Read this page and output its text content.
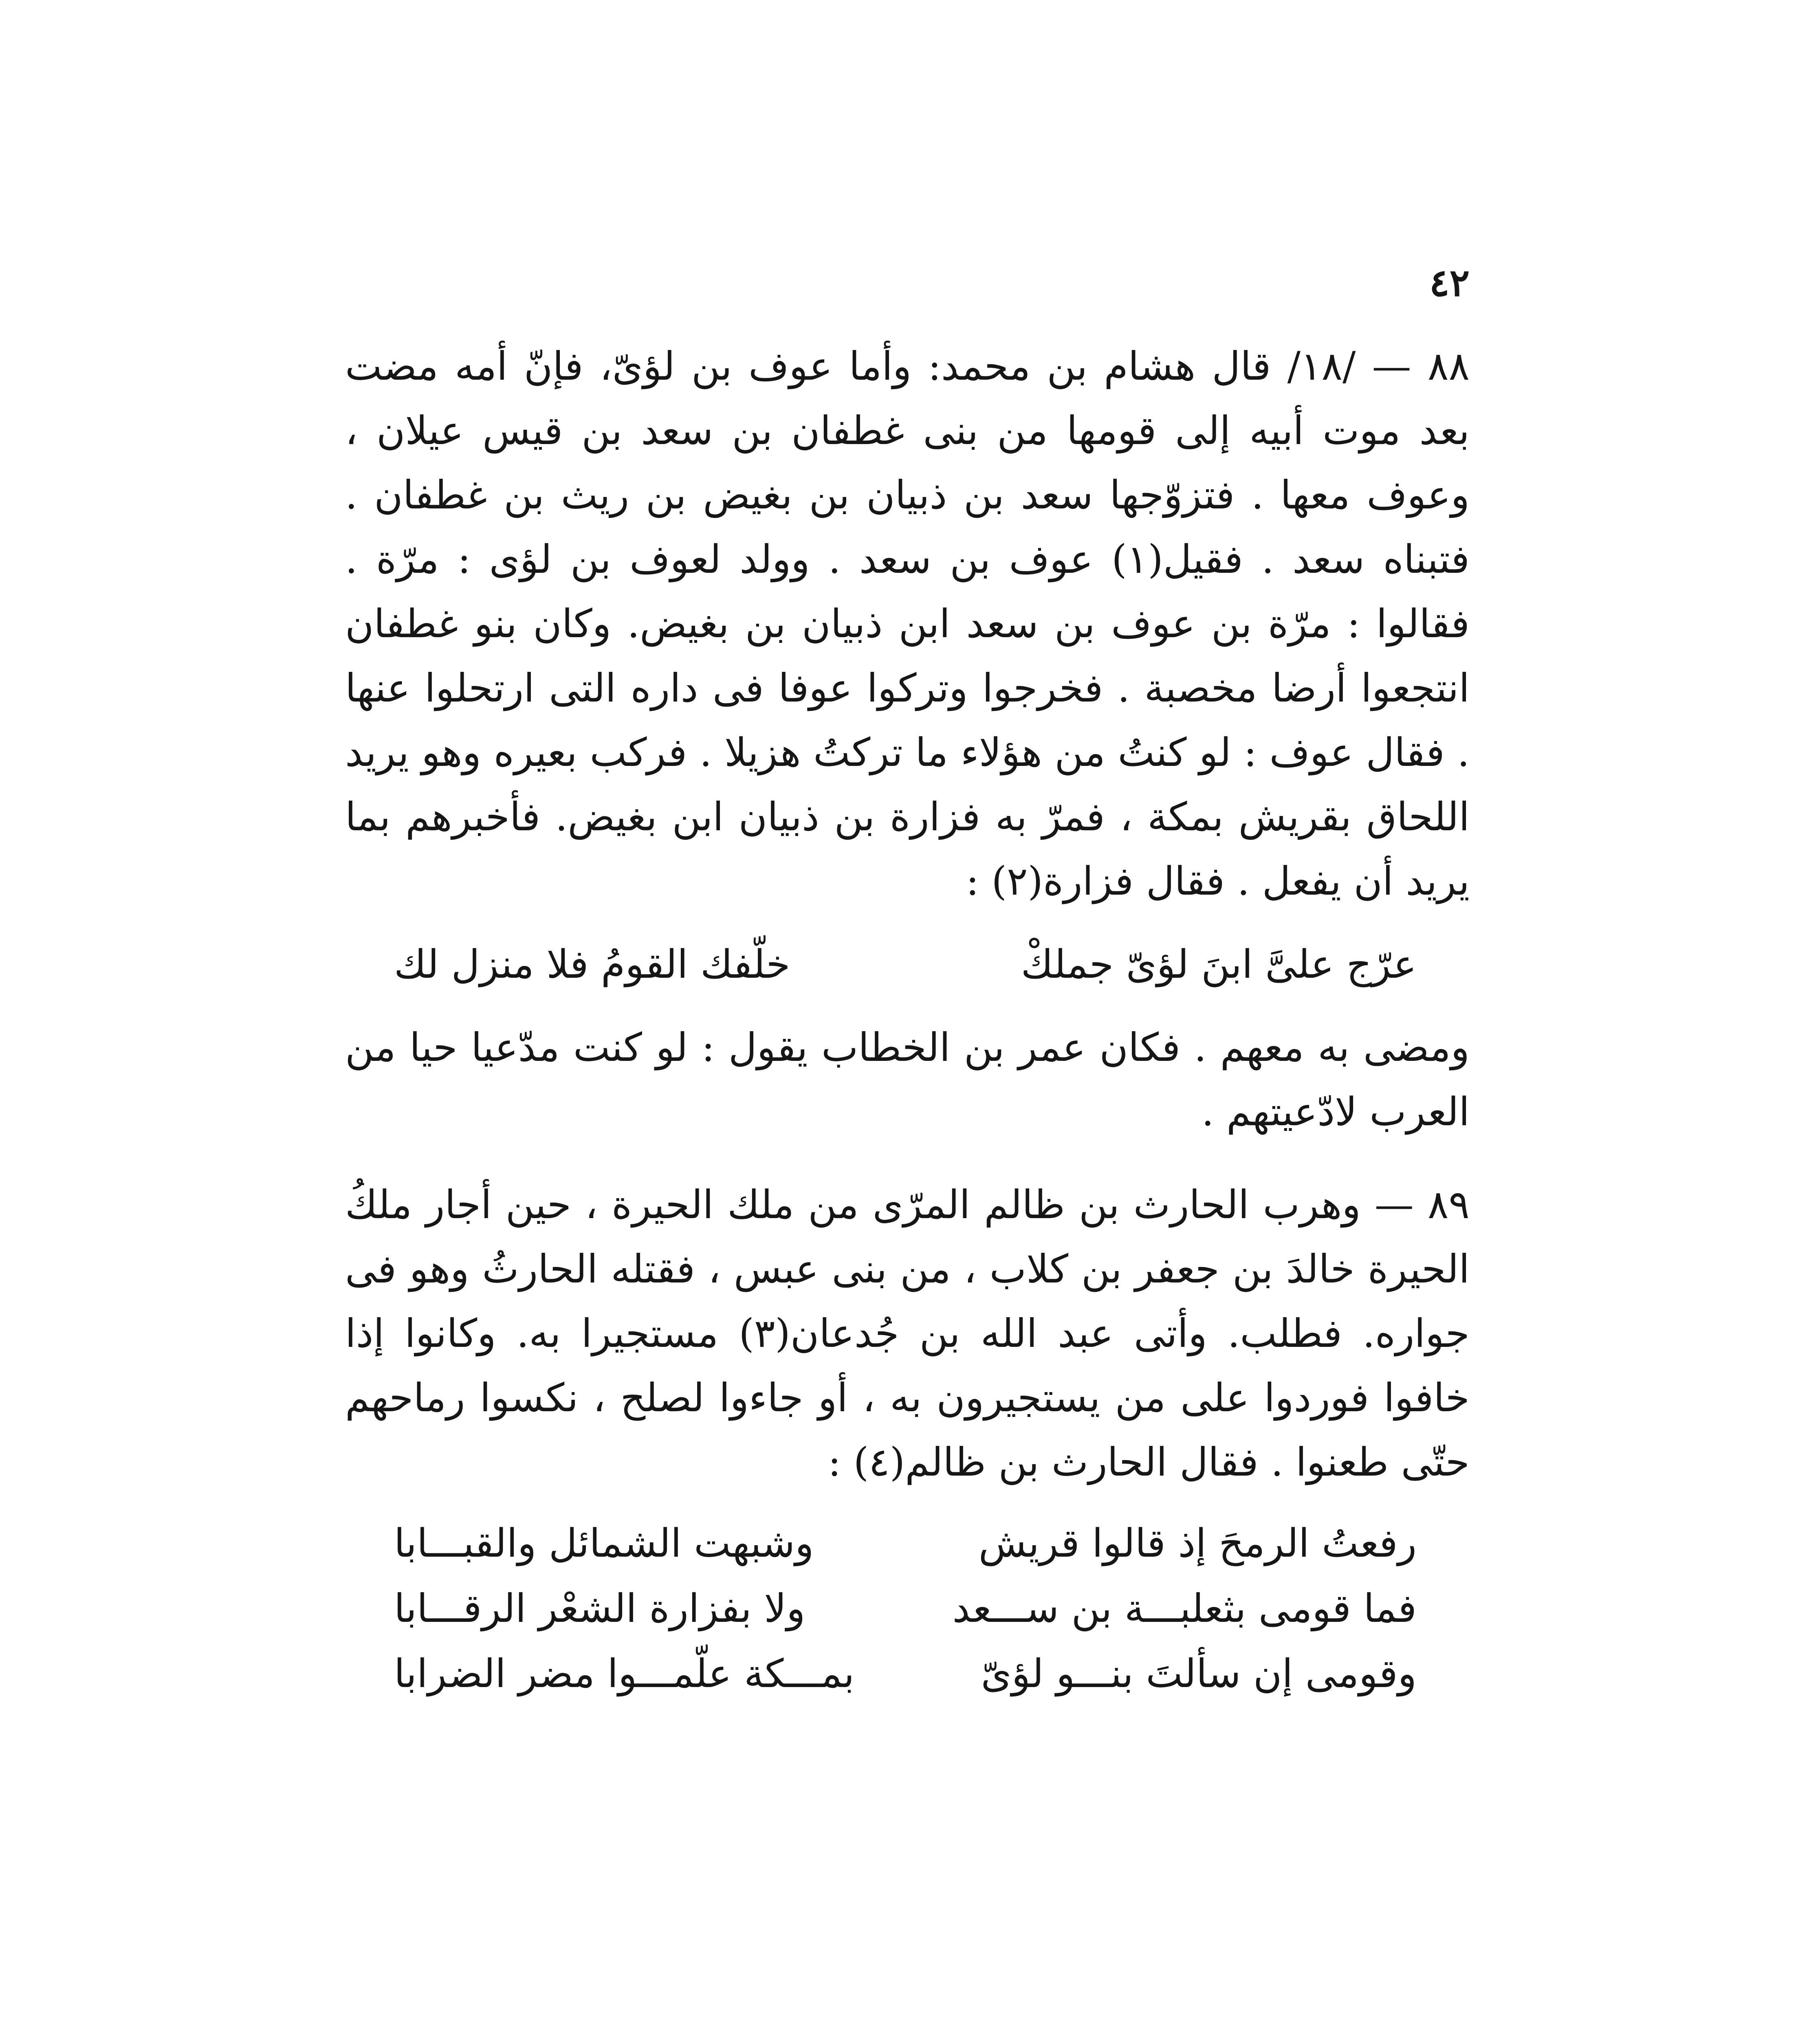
٤٢

٨٨ — /١٨/ قال هشام بن محمد: وأما عوف بن لؤىّ، فإنّ أمه مضت بعد موت أبيه إلى قومها من بنى غطفان بن سعد بن قيس عيلان ، وعوف معها . فتزوّجها سعد بن ذبيان بن بغيض بن ريث بن غطفان . فتبناه سعد . فقيل(١) عوف بن سعد . وولد لعوف بن لؤى : مرّة . فقالوا : مرّة بن عوف بن سعد ابن ذبيان بن بغيض. وكان بنو غطفان انتجعوا أرضا مخصبة . فخرجوا وتركوا عوفا فى داره التى ارتحلوا عنها . فقال عوف : لو كنتُ من هؤلاء ما تركتُ هزيلا . فركب بعيره وهو يريد اللحاق بقريش بمكة ، فمرّ به فزارة بن ذبيان ابن بغيض. فأخبرهم بما يريد أن يفعل . فقال فزارة(٢) :

عرّج علىَّ ابنَ لؤىّ جملكْ
خلّفك القومُ فلا منزل لك

ومضى به معهم . فكان عمر بن الخطاب يقول : لو كنت مدّعيا حيا من العرب لادّعيتهم .

٨٩ — وهرب الحارث بن ظالم المرّى من ملك الحيرة ، حين أجار ملكُ الحيرة خالدَ بن جعفر بن كلاب ، من بنى عبس ، فقتله الحارثُ وهو فى جواره. فطلب. وأتى عبد الله بن جُدعان(٣) مستجيرا به. وكانوا إذا خافوا فوردوا على من يستجيرون به ، أو جاءوا لصلح ، نكسوا رماحهم حتّى طعنوا . فقال الحارث بن ظالم(٤) :

رفعتُ الرمحَ إذ قالوا قريش
وشبهت الشمائل والقبـــابا
فما قومى بثعلبـــة بن ســـعد
ولا بفزارة الشعْر الرقـــابا
وقومى إن سألتَ بنـــو لؤىّ
بمـــكة علّمـــوا مضر الضرابا
